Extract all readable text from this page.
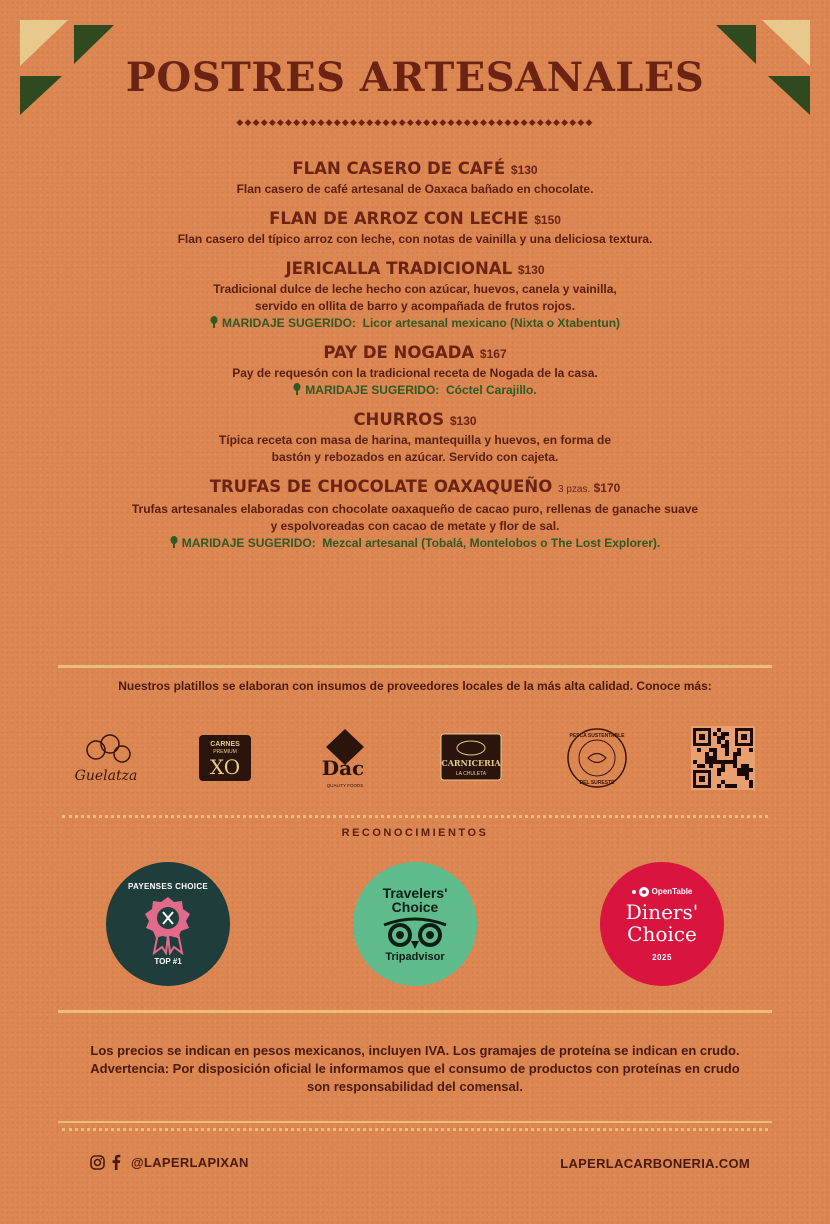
POSTRES ARTESANALES
◆◆◆◆◆◆◆◆◆◆◆◆◆◆◆◆◆◆◆◆◆◆◆◆◆◆◆◆◆◆◆◆◆◆◆◆◆◆◆◆◆◆◆◆
FLAN CASERO DE CAFÉ $130
Flan casero de café artesanal de Oaxaca bañado en chocolate.
FLAN DE ARROZ CON LECHE $150
Flan casero del típico arroz con leche, con notas de vainilla y una deliciosa textura.
JERICALLA TRADICIONAL $130
Tradicional dulce de leche hecho con azúcar, huevos, canela y vainilla,
servido en ollita de barro y acompañada de frutos rojos.
MARIDAJE SUGERIDO: Licor artesanal mexicano (Nixta o Xtabentun)
PAY DE NOGADA $167
Pay de requesón con la tradicional receta de Nogada de la casa.
MARIDAJE SUGERIDO: Cóctel Carajillo.
CHURROS $130
Típica receta con masa de harina, mantequilla y huevos, en forma de
bastón y rebozados en azúcar. Servido con cajeta.
TRUFAS DE CHOCOLATE OAXAQUEÑO 3 pzas. $170
Trufas artesanales elaboradas con chocolate oaxaqueño de cacao puro, rellenas de ganache suave
y espolvoreadas con cacao de metate y flor de sal.
MARIDAJE SUGERIDO: Mezcal artesanal (Tobalá, Montelobos o The Lost Explorer).
Nuestros platillos se elaboran con insumos de proveedores locales de la más alta calidad. Conoce más:
Guelatza
CARNES
PREMIUM
XO	Dac
QUALITY FOODS
CARNICERIA
LA CHULETA
PESCA SUSTENTABLE
DEL SURESTE
RECONOCIMIENTOS
PAYENSES CHOICE
TOP #1
Travelers'
Choice
Tripadvisor
OpenTable
Diners'
Choice
2025
Los precios se indican en pesos mexicanos, incluyen IVA. Los gramajes de proteína se indican en crudo.
Advertencia: Por disposición oficial le informamos que el consumo de productos con proteínas en crudo
son responsabilidad del comensal.
@LAPERLAPIXAN	LAPERLACARBONERIA.COM
